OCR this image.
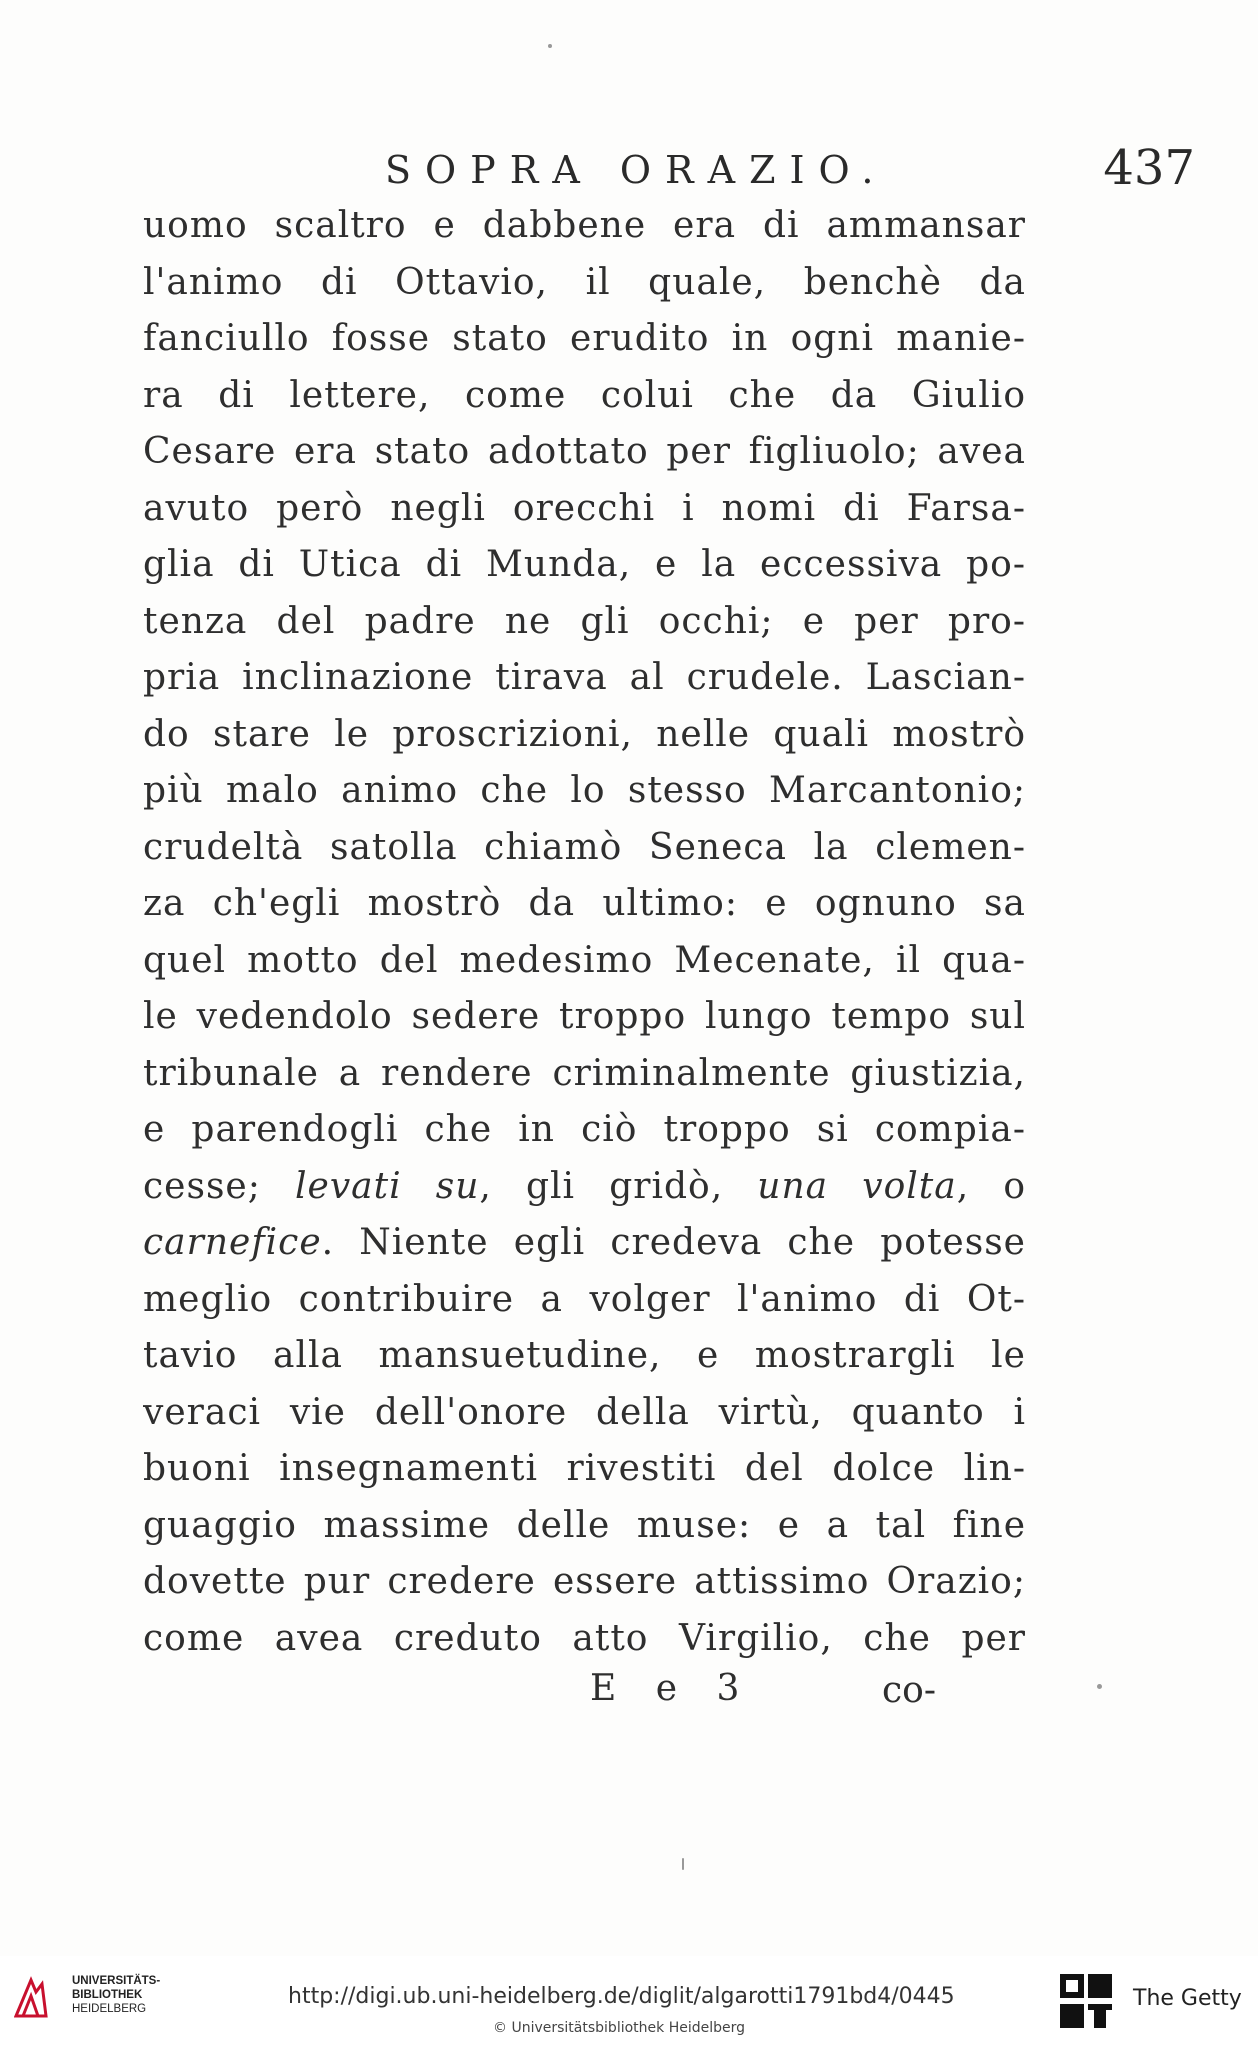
SOPRA ORAZIO.	437
uomo scaltro e dabbene era di ammansar
l'animo di Ottavio, il quale, benchè da
fanciullo fosse stato erudito in ogni manie-
ra di lettere, come colui che da Giulio
Cesare era stato adottato per figliuolo; avea
avuto però negli orecchi i nomi di Farsa-
glia di Utica di Munda, e la eccessiva po-
tenza del padre ne gli occhi; e per pro-
pria inclinazione tirava al crudele. Lascian-
do stare le proscrizioni, nelle quali mostrò
più malo animo che lo stesso Marcantonio;
crudeltà satolla chiamò Seneca la clemen-
za ch'egli mostrò da ultimo: e ognuno sa
quel motto del medesimo Mecenate, il qua-
le vedendolo sedere troppo lungo tempo sul
tribunale a rendere criminalmente giustizia,
e parendogli che in ciò troppo si compia-
cesse; levati su, gli gridò, una volta, o
carnefice. Niente egli credeva che potesse
meglio contribuire a volger l'animo di Ot-
tavio alla mansuetudine, e mostrargli le
veraci vie dell'onore della virtù, quanto i
buoni insegnamenti rivestiti del dolce lin-
guaggio massime delle muse: e a tal fine
dovette pur credere essere attissimo Orazio;
come avea creduto atto Virgilio, che per
E e 3	co-
UNIVERSITÄTS-
BIBLIOTHEK
HEIDELBERG	http://digi.ub.uni-heidelberg.de/diglit/algarotti1791bd4/0445
© Universitätsbibliothek Heidelberg
The Getty
